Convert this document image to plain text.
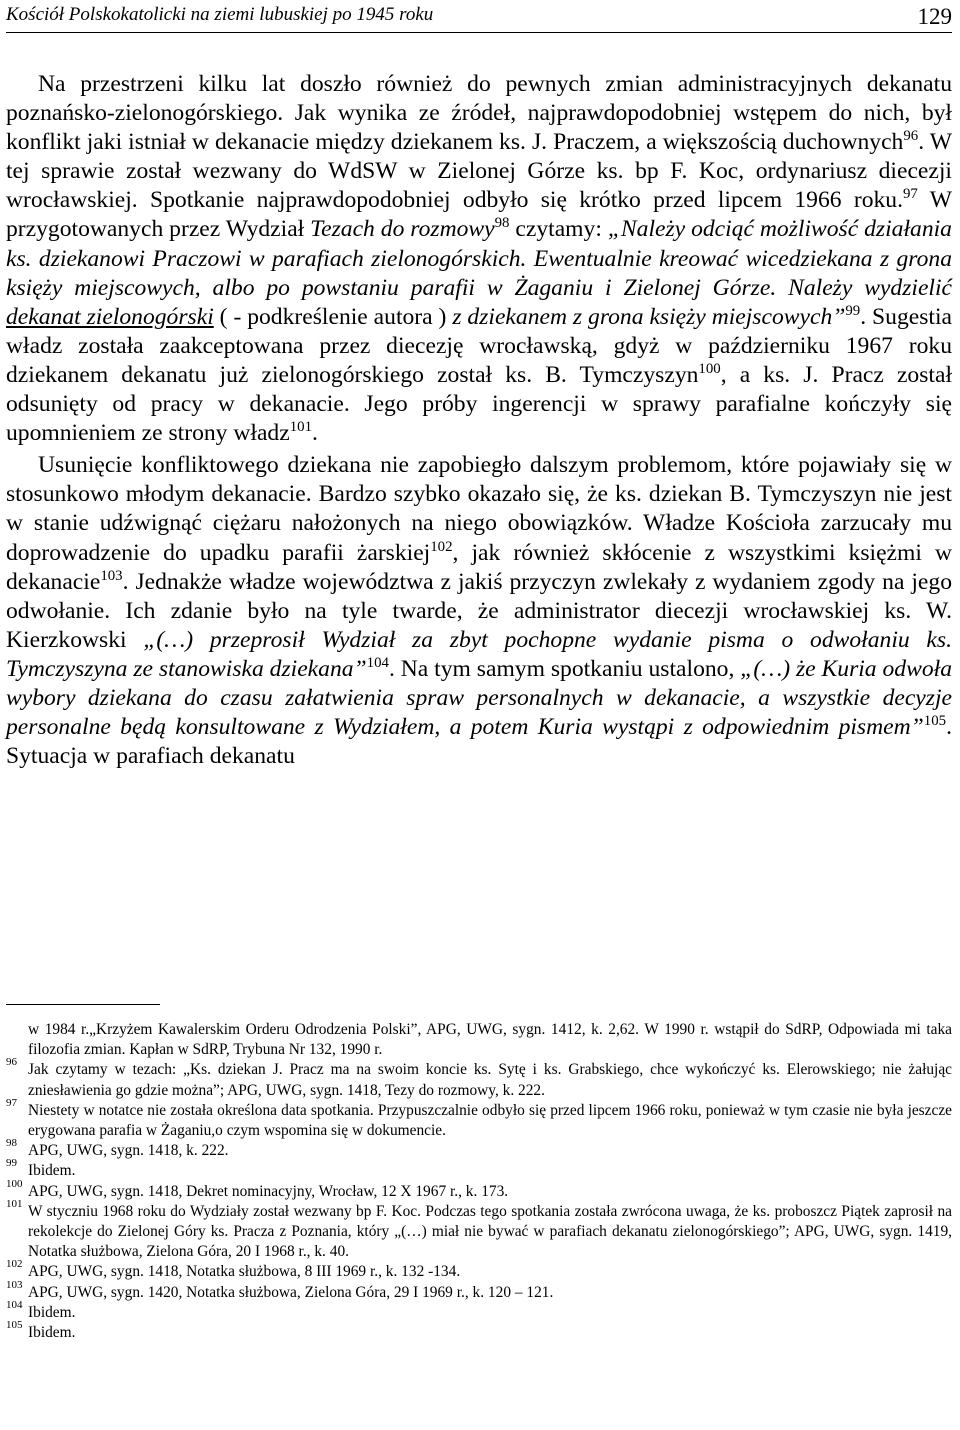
Kościół Polskokatolicki na ziemi lubuskiej po 1945 roku	129

Na przestrzeni kilku lat doszło również do pewnych zmian administracyjnych dekanatu poznańsko-zielonogórskiego. Jak wynika ze źródeł, najprawdopodobniej wstępem do nich, był konflikt jaki istniał w dekanacie między dziekanem ks. J. Praczem, a większością duchownych$^{96}$. W tej sprawie został wezwany do WdSW w Zielonej Górze ks. bp F. Koc, ordynariusz diecezji wrocławskiej. Spotkanie najprawdopodobniej odbyło się krótko przed lipcem 1966 roku.$^{97}$ W przygotowanych przez Wydział Tezach do rozmowy$^{98}$ czytamy: „Należy odciąć możliwość działania ks. dziekanowi Praczowi w parafiach zielonogórskich. Ewentualnie kreować wicedziekana z grona księży miejscowych, albo po powstaniu parafii w Żaganiu i Zielonej Górze. Należy wydzielić dekanat zielonogórski ( - podkreślenie autora ) z dziekanem z grona księży miejscowych”$^{99}$. Sugestia władz została zaakceptowana przez diecezję wrocławską, gdyż w październiku 1967 roku dziekanem dekanatu już zielonogórskiego został ks. B. Tymczyszyn$^{100}$, a ks. J. Pracz został odsunięty od pracy w dekanacie. Jego próby ingerencji w sprawy parafialne kończyły się upomnieniem ze strony władz$^{101}$.

Usunięcie konfliktowego dziekana nie zapobiegło dalszym problemom, które pojawiały się w stosunkowo młodym dekanacie. Bardzo szybko okazało się, że ks. dziekan B. Tymczyszyn nie jest w stanie udźwignąć ciężaru nałożonych na niego obowiązków. Władze Kościoła zarzucały mu doprowadzenie do upadku parafii żarskiej$^{102}$, jak również skłócenie z wszystkimi księżmi w dekanacie$^{103}$. Jednakże władze województwa z jakiś przyczyn zwlekały z wydaniem zgody na jego odwołanie. Ich zdanie było na tyle twarde, że administrator diecezji wrocławskiej ks. W. Kierzkowski „(…) przeprosił Wydział za zbyt pochopne wydanie pisma o odwołaniu ks. Tymczyszyna ze stanowiska dziekana”$^{104}$. Na tym samym spotkaniu ustalono, „(…) że Kuria odwoła wybory dziekana do czasu załatwienia spraw personalnych w dekanacie, a wszystkie decyzje personalne będą konsultowane z Wydziałem, a potem Kuria wystąpi z odpowiednim pismem”$^{105}$. Sytuacja w parafiach dekanatu

w 1984 r.„Krzyżem Kawalerskim Orderu Odrodzenia Polski”, APG, UWG, sygn. 1412, k. 2,62. W 1990 r. wstąpił do SdRP, Odpowiada mi taka filozofia zmian. Kapłan w SdRP, Trybuna Nr 132, 1990 r.
96 Jak czytamy w tezach: „Ks. dziekan J. Pracz ma na swoim koncie ks. Sytę i ks. Grabskiego, chce wykończyć ks. Elerowskiego; nie żałując zniesławienia go gdzie można”; APG, UWG, sygn. 1418, Tezy do rozmowy, k. 222.
97 Niestety w notatce nie została określona data spotkania. Przypuszczalnie odbyło się przed lipcem 1966 roku, ponieważ w tym czasie nie była jeszcze erygowana parafia w Żaganiu,o czym wspomina się w dokumencie.
98 APG, UWG, sygn. 1418, k. 222.
99 Ibidem.
100 APG, UWG, sygn. 1418, Dekret nominacyjny, Wrocław, 12 X 1967 r., k. 173.
101 W styczniu 1968 roku do Wydziały został wezwany bp F. Koc. Podczas tego spotkania została zwrócona uwaga, że ks. proboszcz Piątek zaprosił na rekolekcje do Zielonej Góry ks. Pracza z Poznania, który „(…) miał nie bywać w parafiach dekanatu zielonogórskiego”; APG, UWG, sygn. 1419, Notatka służbowa, Zielona Góra, 20 I 1968 r., k. 40.
102 APG, UWG, sygn. 1418, Notatka służbowa, 8 III 1969 r., k. 132 -134.
103 APG, UWG, sygn. 1420, Notatka służbowa, Zielona Góra, 29 I 1969 r., k. 120 – 121.
104 Ibidem.
105 Ibidem.
